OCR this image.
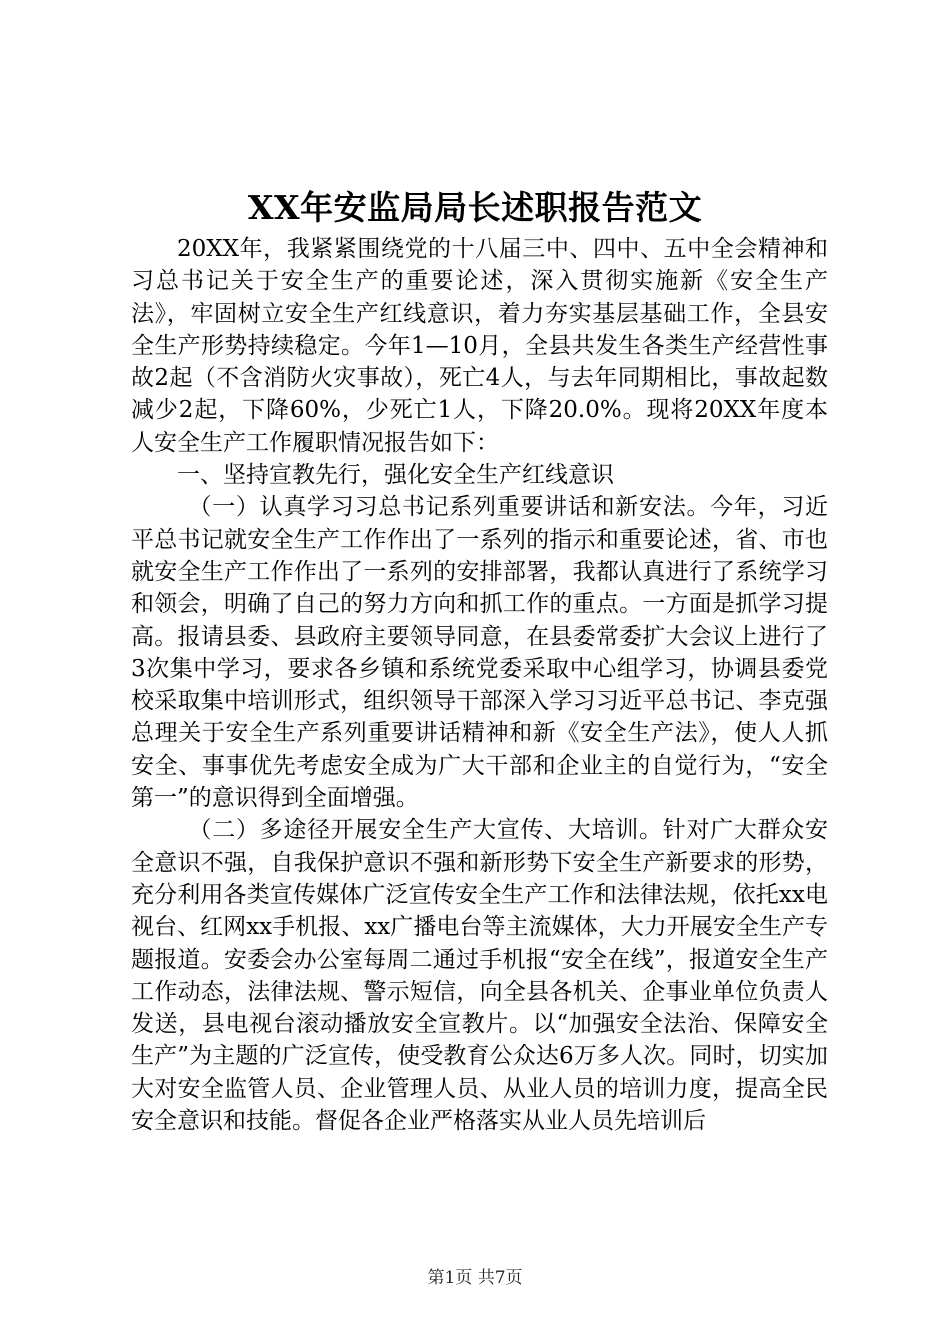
XX年安监局局长述职报告范文

20XX年，我紧紧围绕党的十八届三中、四中、五中全会精神和习总书记关于安全生产的重要论述，深入贯彻实施新《安全生产法》，牢固树立安全生产红线意识，着力夯实基层基础工作，全县安全生产形势持续稳定。今年1—10月，全县共发生各类生产经营性事故2起（不含消防火灾事故），死亡4人，与去年同期相比，事故起数减少2起，下降60%，少死亡1人，下降20.0%。现将20XX年度本人安全生产工作履职情况报告如下：

一、坚持宣教先行，强化安全生产红线意识

（一）认真学习习总书记系列重要讲话和新安法。今年，习近平总书记就安全生产工作作出了一系列的指示和重要论述，省、市也就安全生产工作作出了一系列的安排部署，我都认真进行了系统学习和领会，明确了自己的努力方向和抓工作的重点。一方面是抓学习提高。报请县委、县政府主要领导同意，在县委常委扩大会议上进行了3次集中学习，要求各乡镇和系统党委采取中心组学习，协调县委党校采取集中培训形式，组织领导干部深入学习习近平总书记、李克强总理关于安全生产系列重要讲话精神和新《安全生产法》，使人人抓安全、事事优先考虑安全成为广大干部和企业主的自觉行为，“安全第一”的意识得到全面增强。

（二）多途径开展安全生产大宣传、大培训。针对广大群众安全意识不强，自我保护意识不强和新形势下安全生产新要求的形势，充分利用各类宣传媒体广泛宣传安全生产工作和法律法规，依托xx电视台、红网xx手机报、xx广播电台等主流媒体，大力开展安全生产专题报道。安委会办公室每周二通过手机报“安全在线”，报道安全生产工作动态，法律法规、警示短信，向全县各机关、企事业单位负责人发送，县电视台滚动播放安全宣教片。以“加强安全法治、保障安全生产”为主题的广泛宣传，使受教育公众达6万多人次。同时，切实加大对安全监管人员、企业管理人员、从业人员的培训力度，提高全民安全意识和技能。督促各企业严格落实从业人员先培训后

第1页 共7页
